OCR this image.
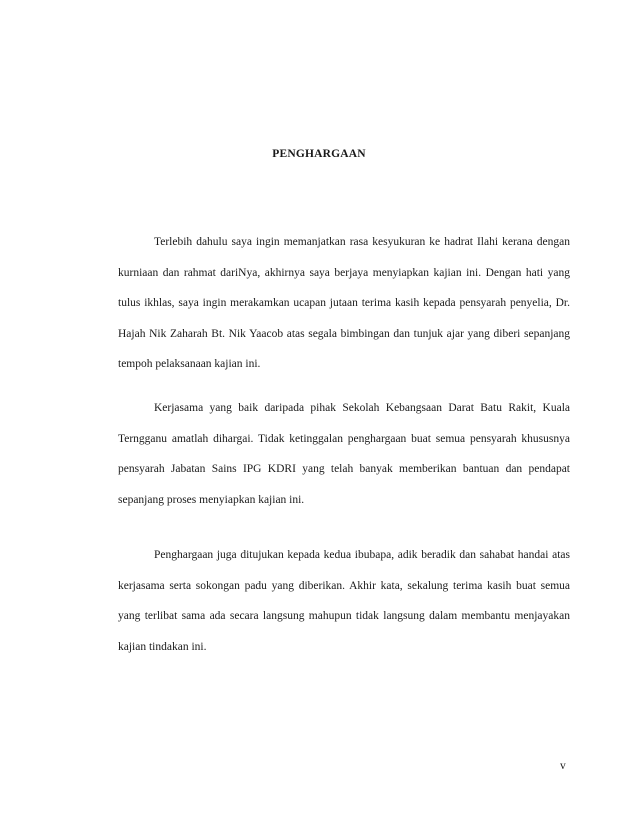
PENGHARGAAN

Terlebih dahulu saya ingin memanjatkan rasa kesyukuran ke hadrat Ilahi kerana dengan kurniaan dan rahmat dariNya, akhirnya saya berjaya menyiapkan kajian ini. Dengan hati yang tulus ikhlas, saya ingin merakamkan ucapan jutaan terima kasih kepada pensyarah penyelia, Dr. Hajah Nik Zaharah Bt. Nik Yaacob atas segala bimbingan dan tunjuk ajar yang diberi sepanjang tempoh pelaksanaan kajian ini.

Kerjasama yang baik daripada pihak Sekolah Kebangsaan Darat Batu Rakit, Kuala Terngganu amatlah dihargai. Tidak ketinggalan penghargaan buat semua pensyarah khususnya pensyarah Jabatan Sains IPG KDRI yang telah banyak memberikan bantuan dan pendapat sepanjang proses menyiapkan kajian ini.

Penghargaan juga ditujukan kepada kedua ibubapa, adik beradik dan sahabat handai atas kerjasama serta sokongan padu yang diberikan. Akhir kata, sekalung terima kasih buat semua yang terlibat sama ada secara langsung mahupun tidak langsung dalam membantu menjayakan kajian tindakan ini.

v
